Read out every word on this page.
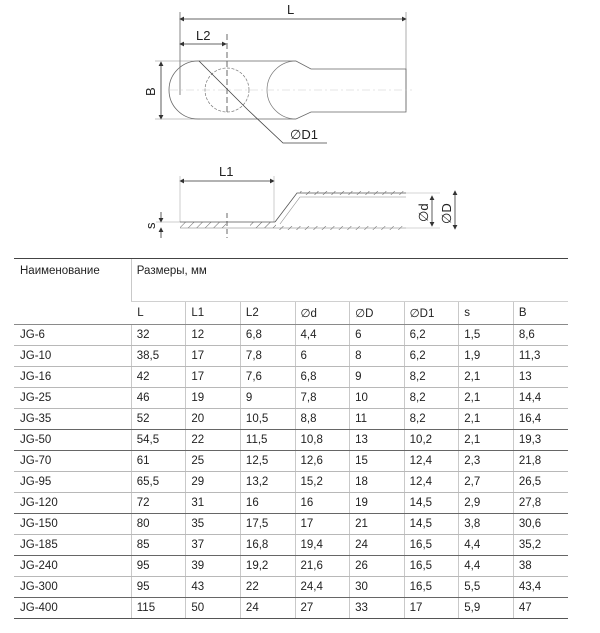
L
L2
B
∅D1
L1
s
∅d ∅D
Наименование	Размеры, мм							
	L	L1	L2	∅d	∅D	∅D1	s	B
JG-6	32	12	6,8	4,4	6	6,2	1,5	8,6
JG-10	38,5	17	7,8	6	8	6,2	1,9	11,3
JG-16	42	17	7,6	6,8	9	8,2	2,1	13
JG-25	46	19	9	7,8	10	8,2	2,1	14,4
JG-35	52	20	10,5	8,8	11	8,2	2,1	16,4
JG-50	54,5	22	11,5	10,8	13	10,2	2,1	19,3
JG-70	61	25	12,5	12,6	15	12,4	2,3	21,8
JG-95	65,5	29	13,2	15,2	18	12,4	2,7	26,5
JG-120	72	31	16	16	19	14,5	2,9	27,8
JG-150	80	35	17,5	17	21	14,5	3,8	30,6
JG-185	85	37	16,8	19,4	24	16,5	4,4	35,2
JG-240	95	39	19,2	21,6	26	16,5	4,4	38
JG-300	95	43	22	24,4	30	16,5	5,5	43,4
JG-400	115	50	24	27	33	17	5,9	47
